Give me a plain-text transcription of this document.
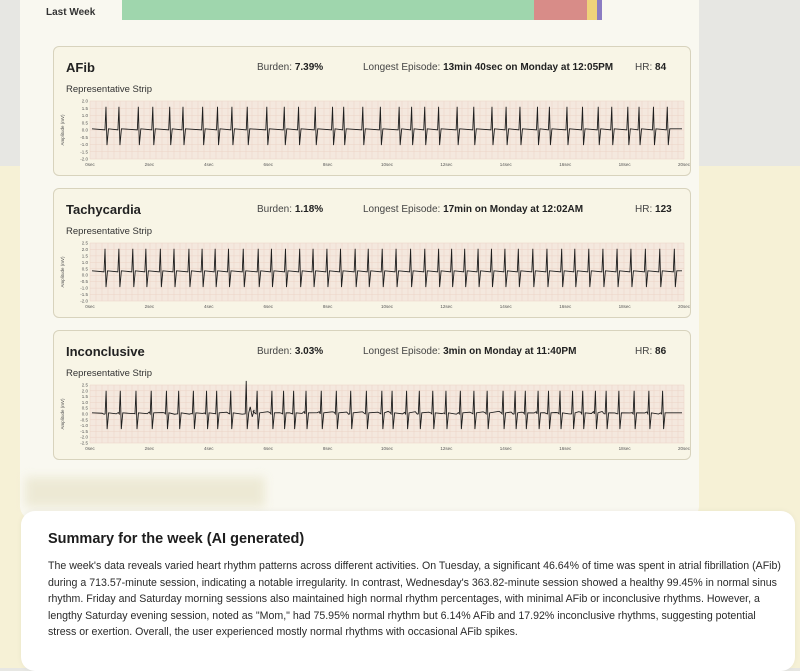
Last Week
AFib	Burden: 7.39%	Longest Episode: 13min 40sec on Monday at 12:05PM HR: 84
Representative Strip
Amplitude (mV)
2.0
1.5
1.0
0.5
0.0
-0.5
-1.0
-1.5
-2.0
0sec	2sec	4sec	6sec	8sec	10sec	12sec	14sec	16sec	18sec	20sec
Tachycardia	Burden: 1.18%	Longest Episode: 17min on Monday at 12:02AM	HR: 123
Representative Strip
Amplitude (mV)
2.5
2.0
1.5
1.0
0.5
0.0
-0.5
-1.0
-1.5
-2.0
0sec	2sec	4sec	6sec	8sec	10sec	12sec	14sec	16sec	18sec	20sec
Inconclusive	Burden: 3.03%	Longest Episode: 3min on Monday at 11:40PM	HR: 86
Representative Strip
Amplitude (mV)
2.5
2.0
1.5
1.0
0.5
0.0
-0.5
-1.0
-1.5
-2.0
-2.5
0sec	2sec	4sec	6sec	8sec	10sec	12sec	14sec	16sec	18sec	20sec
Summary for the week (AI generated)

The week's data reveals varied heart rhythm patterns across different activities. On Tuesday, a significant 46.64% of time was spent in atrial fibrillation (AFib) during a 713.57-minute session, indicating a notable irregularity. In contrast, Wednesday's 363.82-minute session showed a healthy 99.45% in normal sinus rhythm. Friday and Saturday morning sessions also maintained high normal rhythm percentages, with minimal AFib or inconclusive rhythms. However, a lengthy Saturday evening session, noted as "Mom," had 75.95% normal rhythm but 6.14% AFib and 17.92% inconclusive rhythms, suggesting potential stress or exertion. Overall, the user experienced mostly normal rhythms with occasional AFib spikes.
